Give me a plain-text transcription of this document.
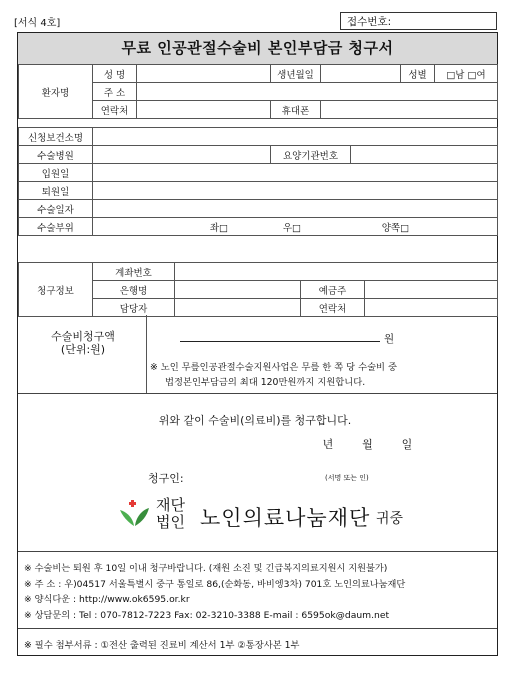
[서식 4호]	접수번호:
무료 인공관절수술비 본인부담금 청구서
환자명	성 명		생년월일		성별	□남 □여
	주 소					
	연락처		휴대폰			
신청보건소명			
수술병원		요양기관번호	
입원일			
퇴원일			
수술일자			
수술부위	좌□ 우□ 양쪽□		
청구정보	계좌번호			
	은행명		예금주	
	담당자		연락처	
수술비청구액
(단위:원)
원
※ 노인 무릎인공관절수술지원사업은 무릎 한 쪽 당 수술비 중
법정본인부담금의 최대 120만원까지 지원합니다.
위와 같이 수술비(의료비)를 청구합니다.
년	월	일
청구인:	(서명 또는 인)
재단
법인 노인의료나눔재단 귀중
※ 수술비는 퇴원 후 10일 이내 청구바랍니다. (재원 소진 및 긴급복지의료지원시 지원불가)
※ 주 소 : 우)04517 서울특별시 중구 통일로 86,(순화동, 바비엥3차) 701호 노인의료나눔재단
※ 양식다운 : http://www.ok6595.or.kr
※ 상담문의 : Tel : 070-7812-7223 Fax: 02-3210-3388 E-mail : 6595ok@daum.net
※ 필수 첨부서류 : ①전산 출력된 진료비 계산서 1부 ②통장사본 1부
